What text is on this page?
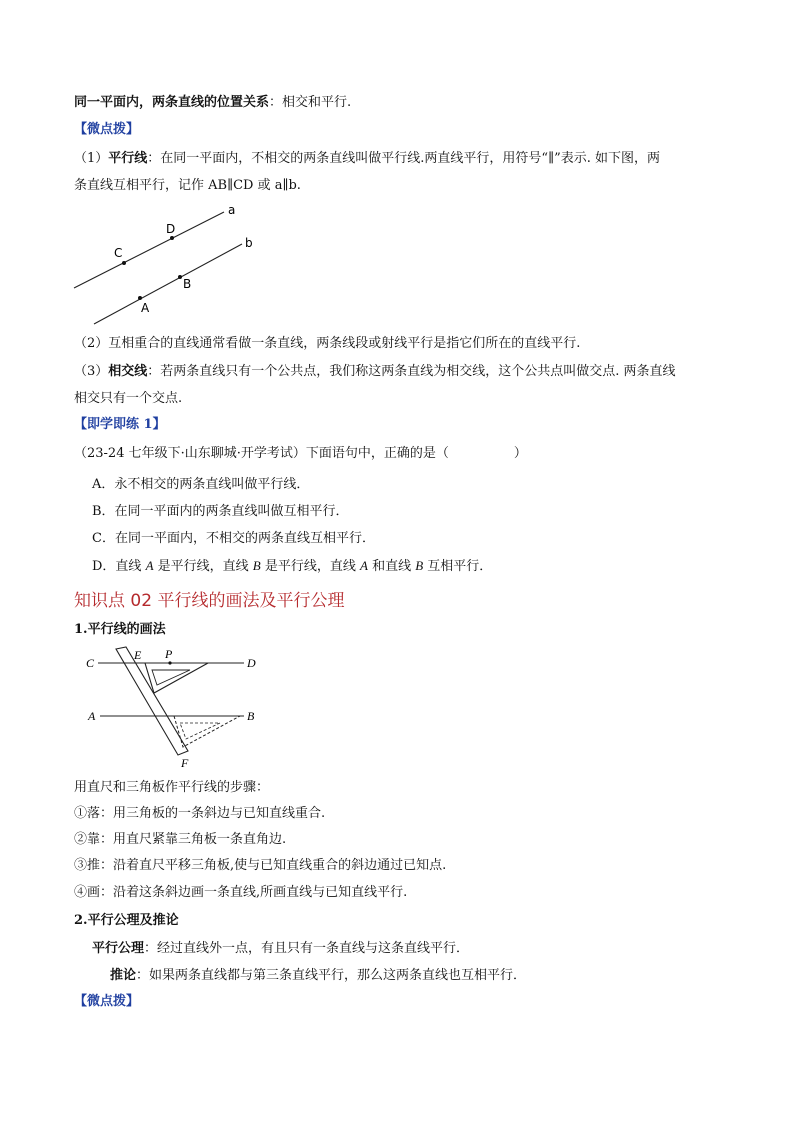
同一平面内，两条直线的位置关系：相交和平行.
【微点拨】
（1）平行线：在同一平面内，不相交的两条直线叫做平行线.两直线平行，用符号“∥”表示. 如下图，两
条直线互相平行，记作 AB∥CD 或 a∥b.
a
b
D
C
B
A
（2）互相重合的直线通常看做一条直线，两条线段或射线平行是指它们所在的直线平行.
（3）相交线：若两条直线只有一个公共点，我们称这两条直线为相交线，这个公共点叫做交点. 两条直线
相交只有一个交点.
【即学即练 1】
（23-24 七年级下·山东聊城·开学考试）下面语句中，正确的是（　　　　　）
A．永不相交的两条直线叫做平行线．
B．在同一平面内的两条直线叫做互相平行．
C．在同一平面内，不相交的两条直线互相平行．
D．直线 A 是平行线，直线 B 是平行线，直线 A 和直线 B 互相平行．
知识点 02 平行线的画法及平行公理
1.平行线的画法
C	D
A	B
E P
F
用直尺和三角板作平行线的步骤：
①落：用三角板的一条斜边与已知直线重合.
②靠：用直尺紧靠三角板一条直角边.
③推：沿着直尺平移三角板,使与已知直线重合的斜边通过已知点.
④画：沿着这条斜边画一条直线,所画直线与已知直线平行.
2.平行公理及推论
平行公理：经过直线外一点，有且只有一条直线与这条直线平行．
推论：如果两条直线都与第三条直线平行，那么这两条直线也互相平行．
【微点拨】
